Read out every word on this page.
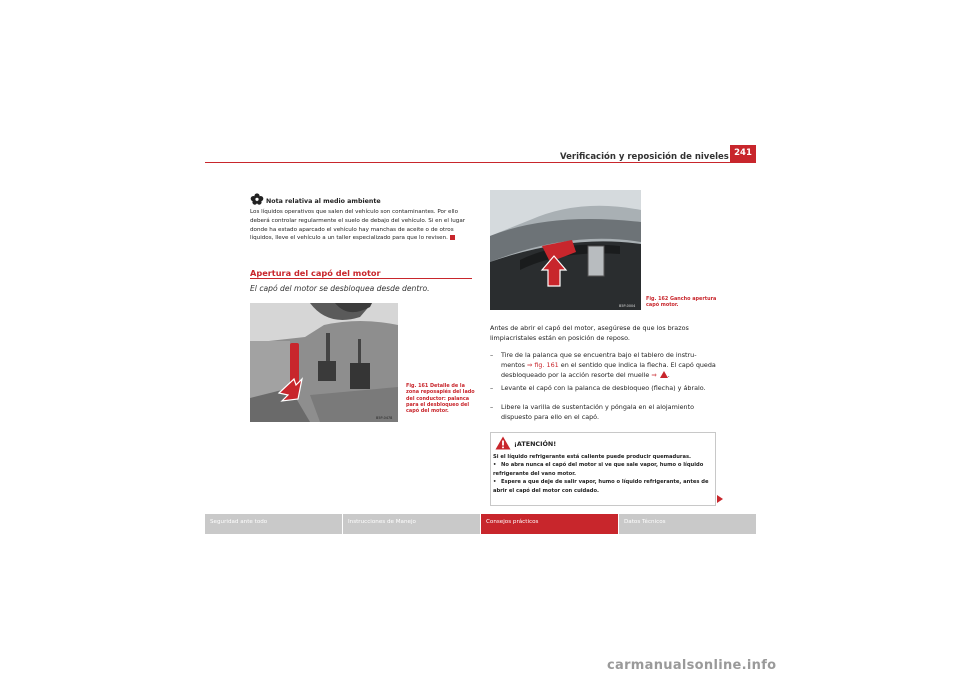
Verificación y reposición de niveles 241
Nota relativa al medio ambiente
Los líquidos operativos que salen del vehículo son contaminantes. Por ello deberá controlar regularmente el suelo de debajo del vehículo. Si en el lugar donde ha estado aparcado el vehículo hay manchas de aceite o de otros líquidos, lleve el vehículo a un taller especializado para que lo revisen.
Apertura del capó del motor
El capó del motor se desbloquea desde dentro.
B5P-0478
Fig. 161 Detalle de la zona reposapiés del lado del conductor: palanca para el desbloqueo del capó del motor.
B5P-0004
Fig. 162 Gancho apertura capó motor.
Antes de abrir el capó del motor, asegúrese de que los brazos limpiacristales están en posición de reposo.
– Tire de la palanca que se encuentra bajo el tablero de instrumentos ⇒ fig. 161 en el sentido que indica la flecha. El capó queda desbloqueado por la acción resorte del muelle ⇒ .
– Levante el capó con la palanca de desbloqueo (flecha) y ábralo.
– Libere la varilla de sustentación y póngala en el alojamiento dispuesto para ello en el capó.
¡ATENCIÓN!
Si el líquido refrigerante está caliente puede producir quemaduras.
• No abra nunca el capó del motor si ve que sale vapor, humo o líquido refrigerante del vano motor.
• Espere a que deje de salir vapor, humo o líquido refrigerante, antes de abrir el capó del motor con cuidado.
Seguridad ante todo	Instrucciones de Manejo	Consejos prácticos	Datos Técnicos
carmanualsonline.info
